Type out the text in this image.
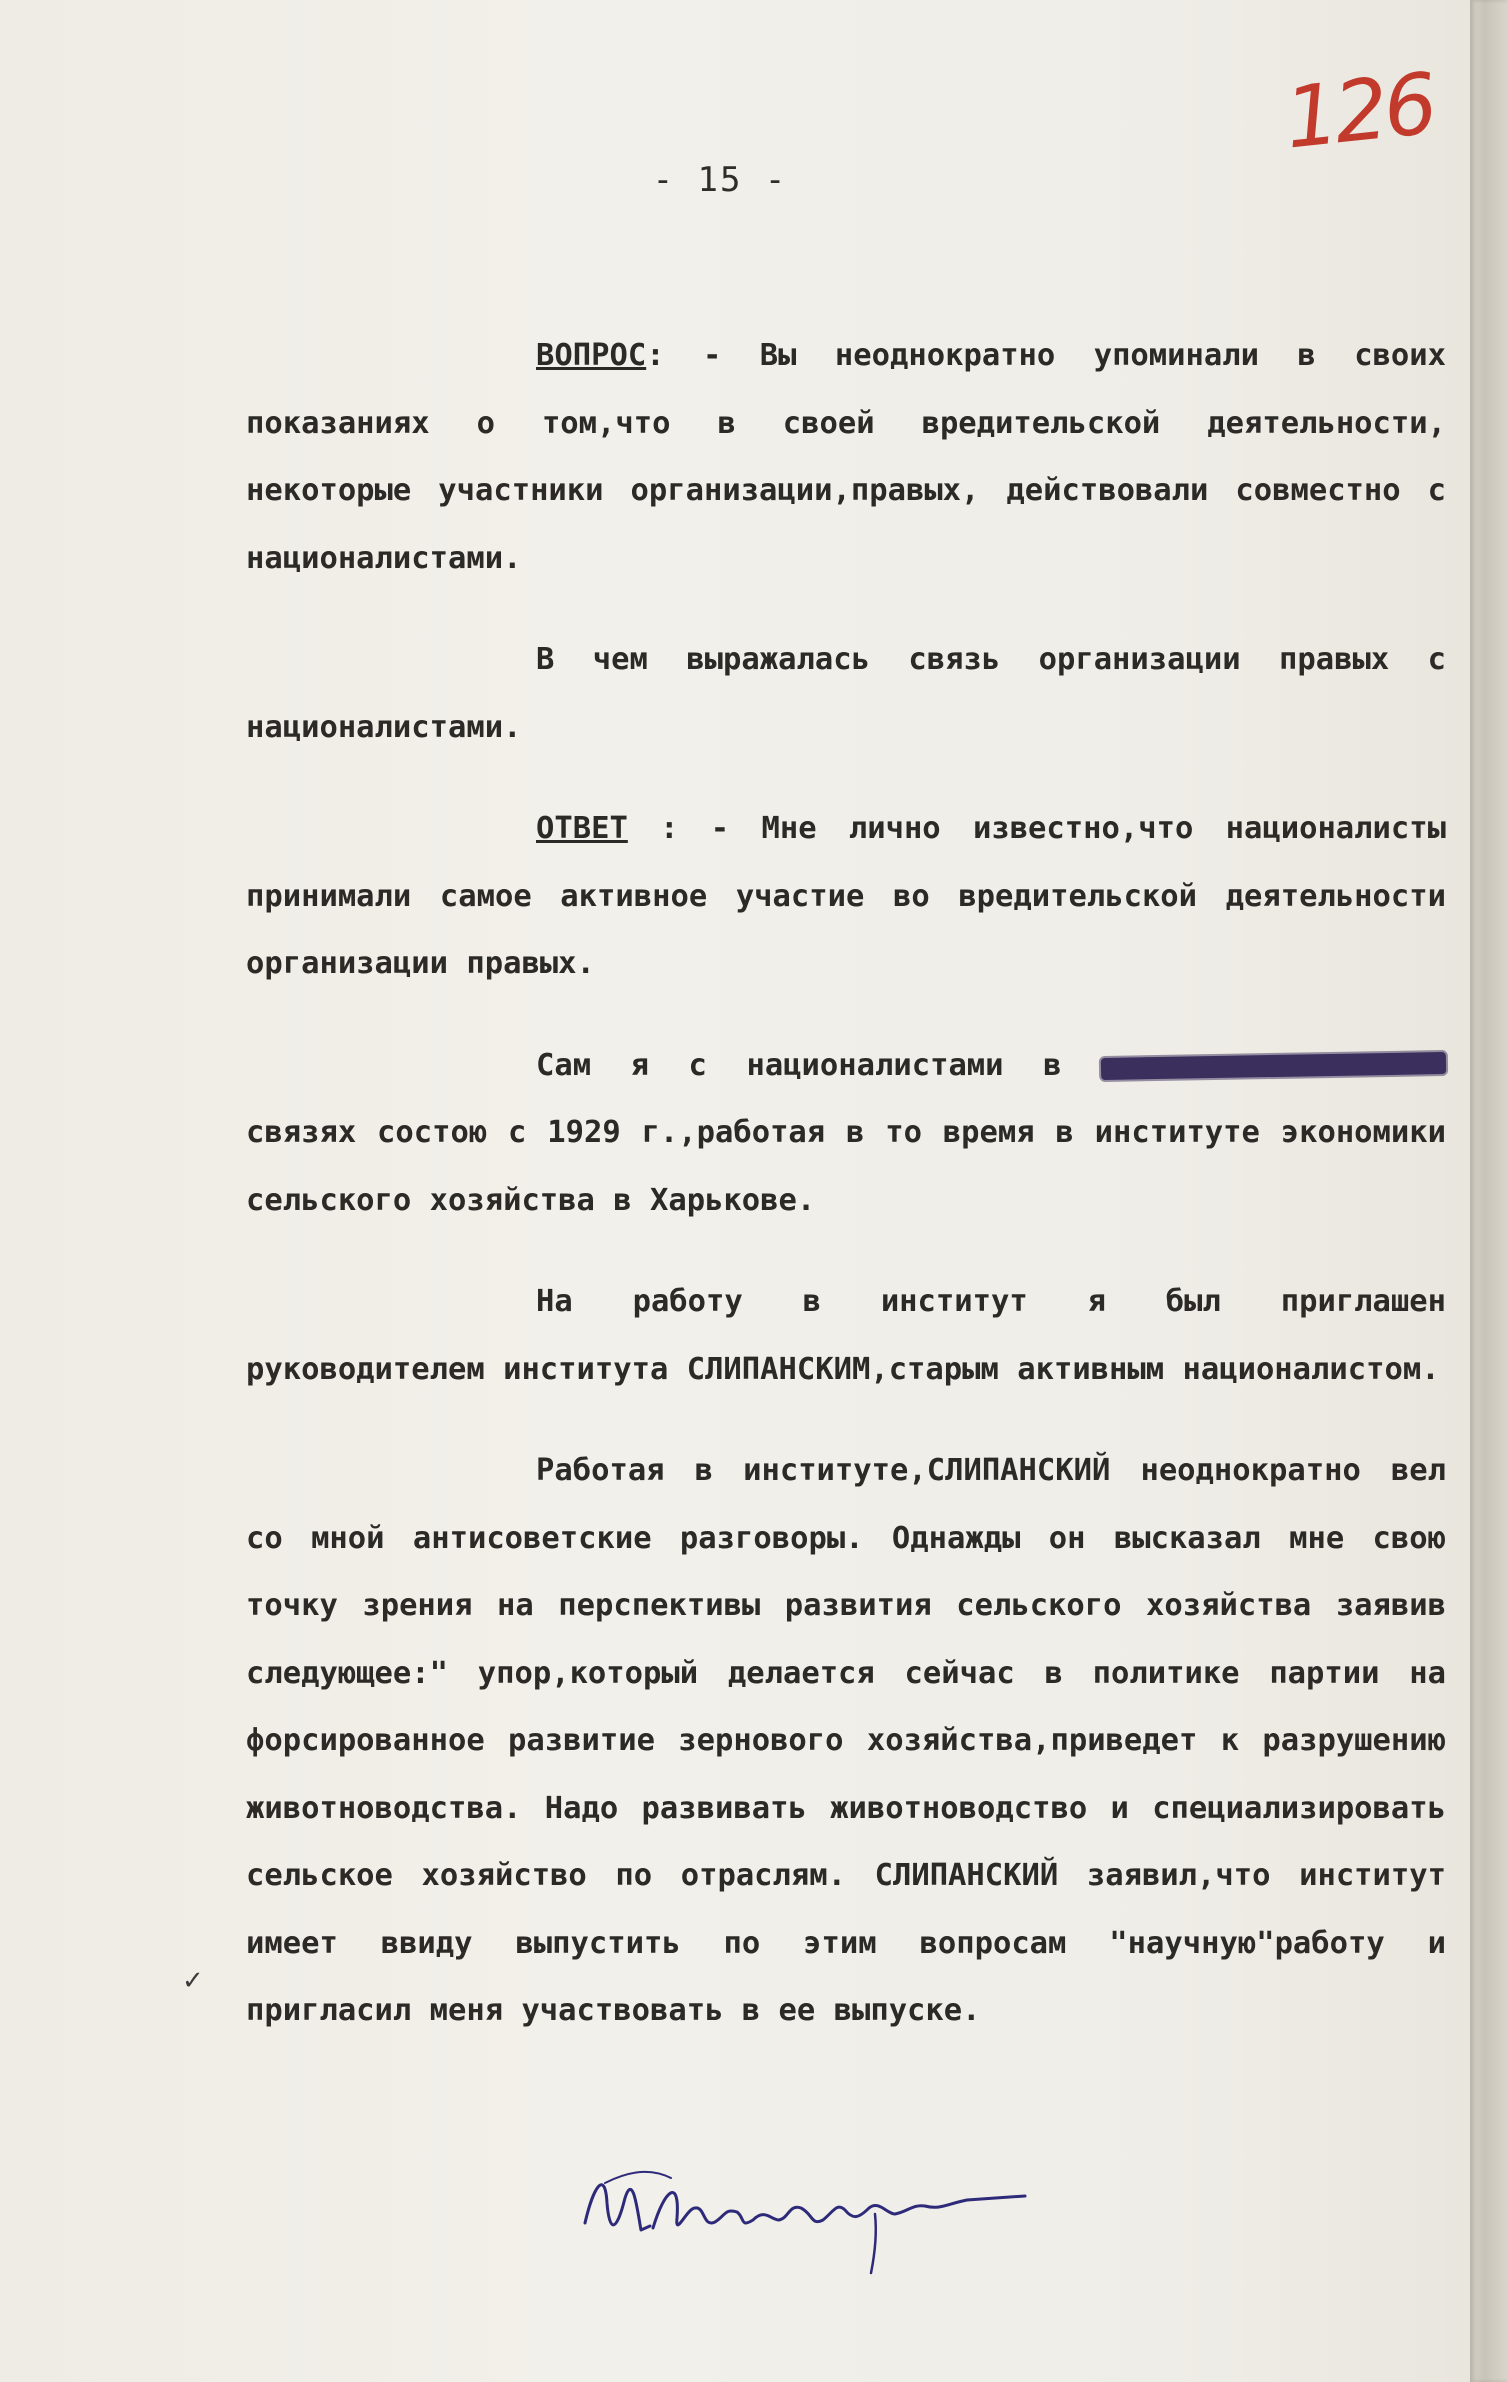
126
- 15 -

ВОПРОС: - Вы неоднократно упоминали в своих показаниях о том,что в своей вредительской деятельности, некоторые участники организации,правых, действовали совместно с националистами.

В чем выражалась связь организации правых с националистами.

ОТВЕТ : - Мне лично известно,что националисты принимали самое активное участие во вредительской деятельности организации правых.

Сам я с националистами в  связях состою с 1929 г.,работая в то время в институте экономики сельского хозяйства в Харькове.

На работу в институт я был приглашен руководителем института СЛИПАНСКИМ,старым активным националистом.

Работая в институте,СЛИПАНСКИЙ неоднократно вел со мной антисоветские разговоры. Однажды он высказал мне свою точку зрения на перспективы развития сельского хозяйства заявив следующее:" упор,который делается сейчас в политике партии на форсированное развитие зернового хозяйства,приведет к разрушению животноводства. Надо развивать животноводство и специализировать сельское хозяйство по отраслям. СЛИПАНСКИЙ заявил,что институт имеет ввиду выпустить по этим вопросам "научную"работу и пригласил меня участвовать в ее выпуске.

✓
